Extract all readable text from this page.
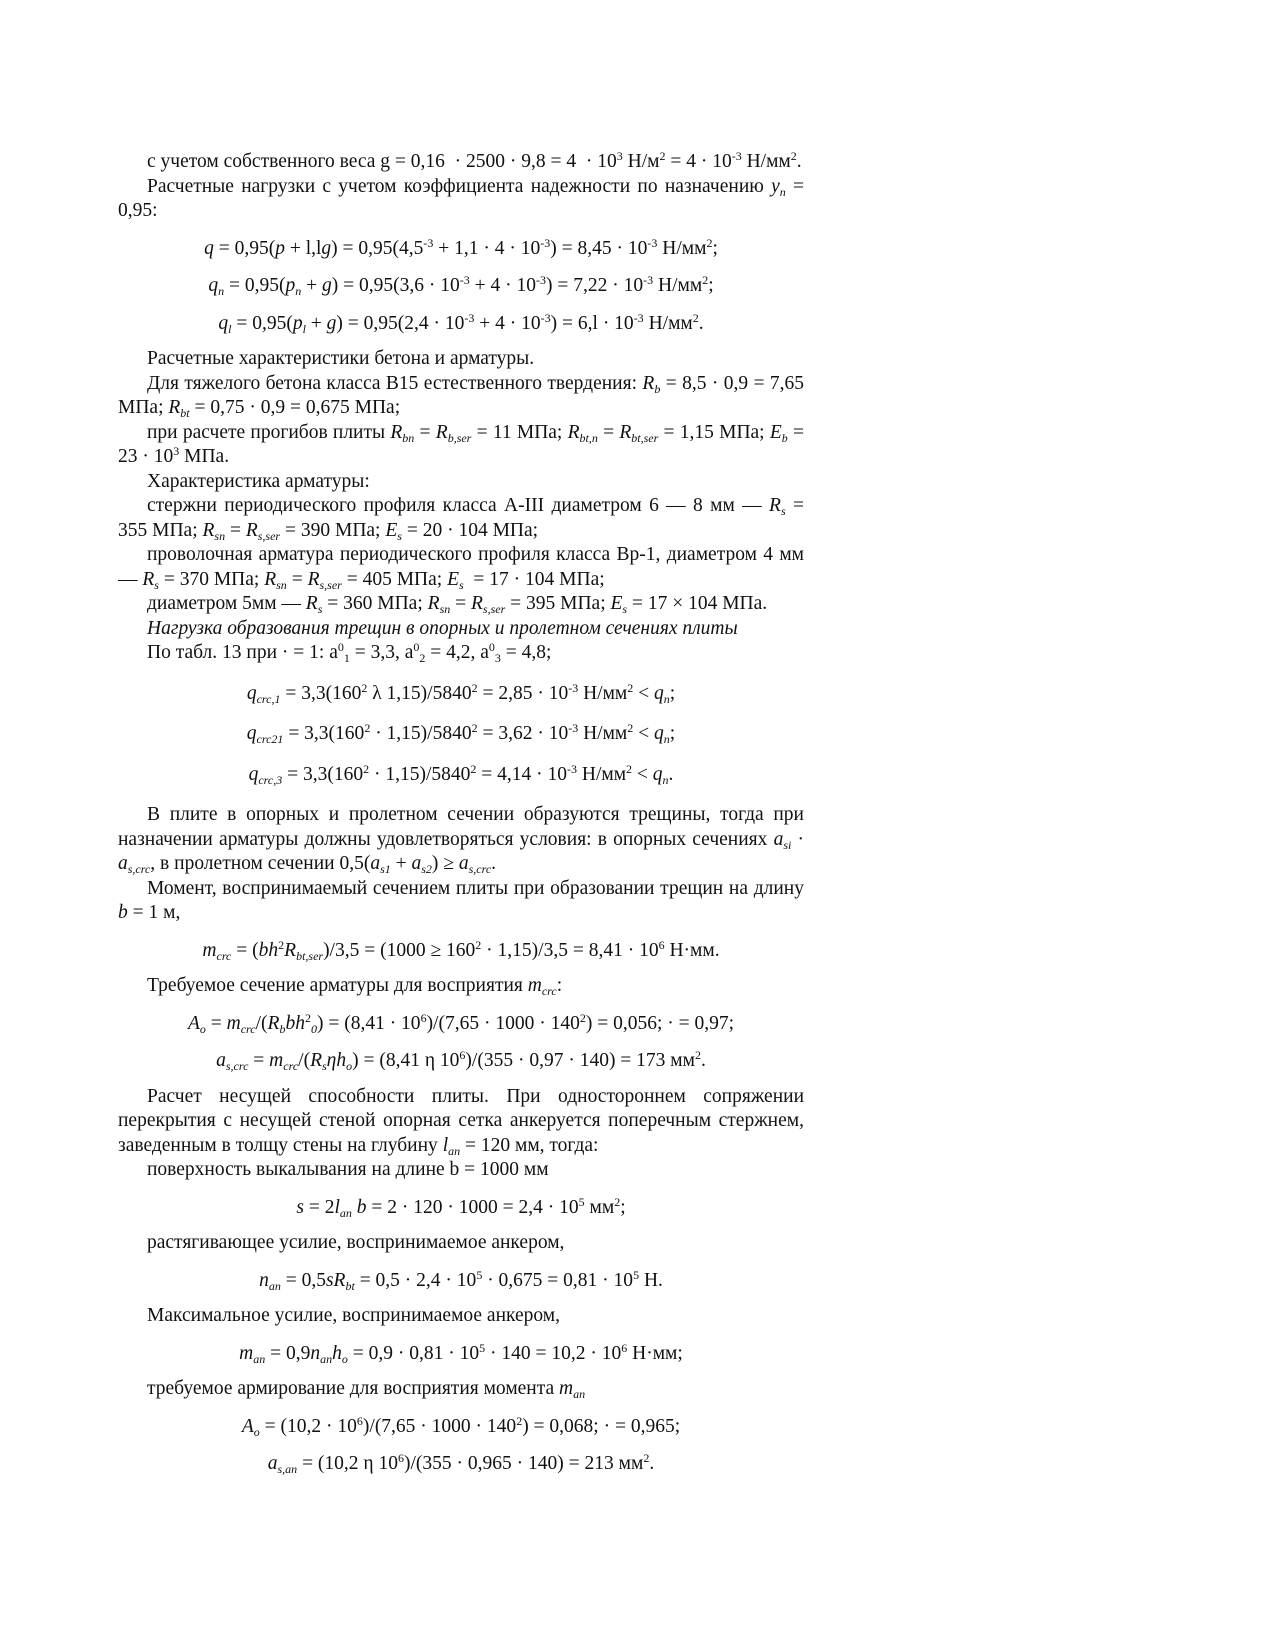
с учетом собственного веса $g = 0,16 \cdot 2500 \cdot 9,8 = 4 \cdot 10^3$ $Н/м^2 = 4 \cdot 10^{-3}$ $Н/мм^2$.

Расчетные нагрузки с учетом коэффициента надежности по назначению $y_n = 0,95$:

$q = 0,95(p + l,\lg) = 0,95(4,5^{-3} + 1,1 \cdot 4 \cdot 10^{-3}) = 8,45 \cdot 10^{-3}$ $Н/мм^2$;
$q_n = 0,95(p_n + g) = 0,95(3,6 \cdot 10^{-3} + 4 \cdot 10^{-3}) = 7,22 \cdot 10^{-3}$ $Н/мм^2$;
$q_l = 0,95(p_l + g) = 0,95(2,4 \cdot 10^{-3} + 4 \cdot 10^{-3}) = 6,l \cdot 10^{-3}$ $Н/мм^2$.

Расчетные характеристики бетона и арматуры.

Для тяжелого бетона класса В15 естественного твердения: $R_b = 8,5 \cdot 0,9 = 7,65$ МПа; $R_{bt} = 0,75 \cdot 0,9 = 0,675$ МПа;

при расчете прогибов плиты $R_{bn} = R_{b,ser} = 11$ МПа; $R_{bt,n} = R_{bt,ser} = 1,15$ МПа; $E_b = 23 \cdot 10^3$ МПа.

Характеристика арматуры:

стержни периодического профиля класса А-III диаметром 6 — 8 мм — $R_s = 355$ МПа; $R_{sn} = R_{s,ser} = 390$ МПа; $E_s = 20 \cdot 104$ МПа;

проволочная арматура периодического профиля класса Вр-1, диаметром 4 мм — $R_s = 370$ МПа; $R_{sn} = R_{s,ser} = 405$ МПа; $E_s = 17 \cdot 104$ МПа;

диаметром 5мм — $R_s = 360$ МПа; $R_{sn} = R_{s,ser} = 395$ МПа; $E_s = 17 \times 104$ МПа.

Нагрузка образования трещин в опорных и пролетном сечениях плиты

По табл. 13 при · = 1: $a^0_1 = 3,3$, $a^0_2 = 4,2$, $a^0_3 = 4,8$;

$q_{crc,1} = 3,3(160^2$ λ $1,15)/5840^2 = 2,85 \cdot 10^{-3}$ $Н/мм^2 < q_n$;
$q_{crc21} = 3,3(160^2 \cdot 1,15)/5840^2 = 3,62 \cdot 10^{-3}$ $Н/мм^2 < q_n$;
$q_{crc,3} = 3,3(160^2 \cdot 1,15)/5840^2 = 4,14 \cdot 10^{-3}$ $Н/мм^2 < q_n$.

В плите в опорных и пролетном сечении образуются трещины, тогда при назначении арматуры должны удовлетворяться условия: в опорных сечениях $a_{si} \cdot a_{s,crc}$, в пролетном сечении $0,5(a_{s1} + a_{s2}) \ge a_{s,crc}$.

Момент, воспринимаемый сечением плиты при образовании трещин на длину b = 1 м,

$m_{crc} = (bh^2R_{bt,ser})/3,5 = (1000 \ge 160^2 \cdot 1,15)/3,5 = 8,41 \cdot 10^6$ Н·мм.

Требуемое сечение арматуры для восприятия $m_{crc}$:

$A_o = m_{crc}/(R_bbh^2_0) = (8,41 \cdot 10^6)/(7,65 \cdot 1000 \cdot 140^2) = 0,056$; · = 0,97;
$a_{s,crc} = m_{crc}/(R_s\eta h_o) = (8,41$ η $10^6)/(355 \cdot 0,97 \cdot 140) = 173$ $мм^2$.

Расчет несущей способности плиты. При одностороннем сопряжении перекрытия с несущей стеной опорная сетка анкеруется поперечным стержнем, заведенным в толщу стены на глубину $l_{an} = 120$ мм, тогда:

поверхность выкалывания на длине b = 1000 мм

$s = 2l_{an}$ $b = 2 \cdot 120 \cdot 1000 = 2,4 \cdot 10^5$ $мм^2$;

растягивающее усилие, воспринимаемое анкером,

$n_{an} = 0,5sR_{bt} = 0,5 \cdot 2,4 \cdot 10^5 \cdot 0,675 = 0,81 \cdot 10^5$ Н.

Максимальное усилие, воспринимаемое анкером,

$m_{an} = 0,9n_{an}h_o = 0,9 \cdot 0,81 \cdot 10^5 \cdot 140 = 10,2 \cdot 10^6$ Н·мм;

требуемое армирование для восприятия момента $m_{an}$

$A_o = (10,2 \cdot 10^6)/(7,65 \cdot 1000 \cdot 140^2) = 0,068$; · = 0,965;
$a_{s,an} = (10,2$ η $10^6)/(355 \cdot 0,965 \cdot 140) = 213$ $мм^2$.
